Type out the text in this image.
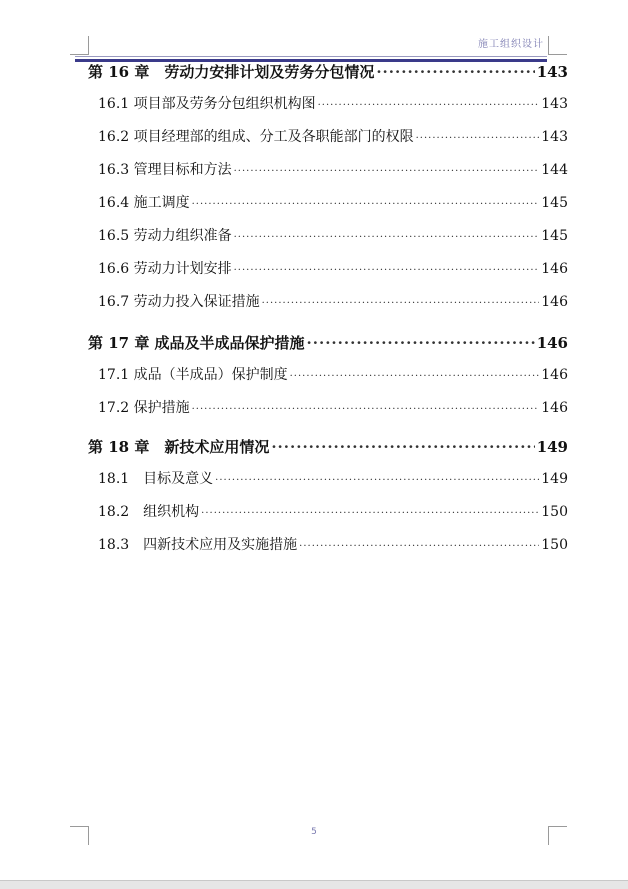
施工组织设计
第 16 章　劳动力安排计划及劳务分包情况 ·····	143
16.1 项目部及劳务分包组织机构图 ·····	143
16.2 项目经理部的组成、分工及各职能部门的权限 ·····	143
16.3 管理目标和方法 ·····	144
16.4 施工调度 ·····	145
16.5 劳动力组织准备 ·····	145
16.6 劳动力计划安排 ·····	146
16.7 劳动力投入保证措施 ·····	146
第 17 章 成品及半成品保护措施 ·····	146
17.1 成品（半成品）保护制度 ·····	146
17.2 保护措施 ·····	146
第 18 章　新技术应用情况 ·····	149
18.1　目标及意义 ·····	149
18.2　组织机构 ·····	150
18.3　四新技术应用及实施措施 ·····	150
5
